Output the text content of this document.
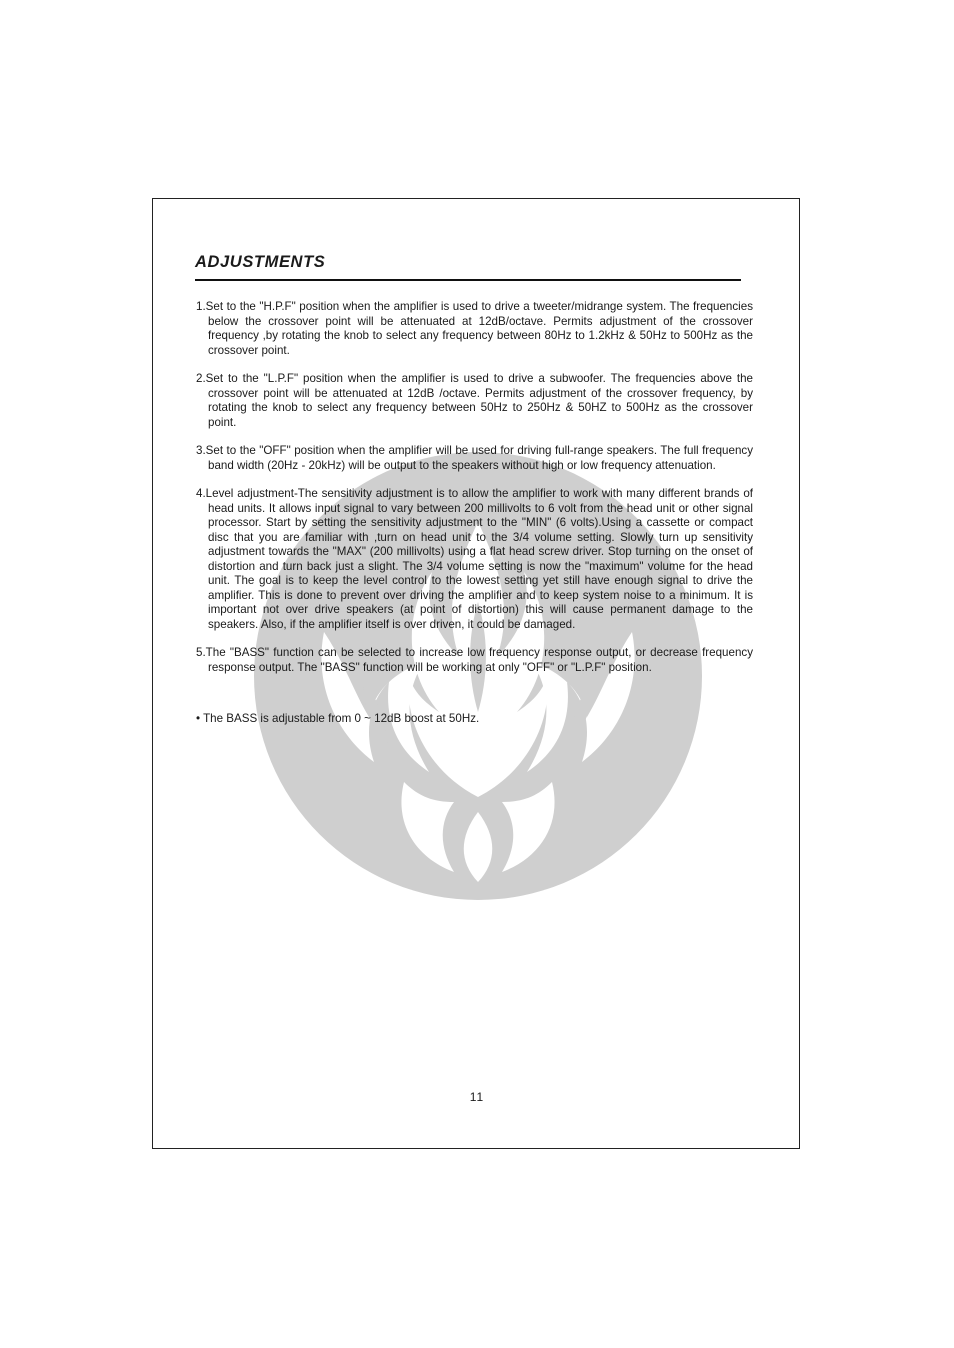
ADJUSTMENTS

1.Set to the "H.P.F" position when the amplifier is used to drive a tweeter/midrange system. The frequencies below the crossover point will be attenuated at 12dB/octave. Permits adjustment of the crossover frequency ,by rotating the knob to select any frequency between 80Hz to 1.2kHz & 50Hz to 500Hz as the crossover point.

2.Set to the "L.P.F" position when the amplifier is used to drive a subwoofer. The frequencies above the crossover point will be attenuated at 12dB /octave. Permits adjustment of the crossover frequency, by rotating the knob to select any frequency between 50Hz to 250Hz & 50HZ to 500Hz as the crossover point.

3.Set to the "OFF" position when the amplifier will be used for driving full-range speakers. The full frequency band width (20Hz - 20kHz) will be output to the speakers without high or low frequency attenuation.

4.Level adjustment-The sensitivity adjustment is to allow the amplifier to work with many different brands of head units. It allows input signal to vary between 200 millivolts to 6 volt from the head unit or other signal processor. Start by setting the sensitivity adjustment to the "MIN" (6 volts).Using a cassette or compact disc that you are familiar with ,turn on head unit to the 3/4 volume setting. Slowly turn up sensitivity adjustment towards the "MAX" (200 millivolts) using a flat head screw driver. Stop turning on the onset of distortion and turn back just a slight. The 3/4 volume setting is now the "maximum" volume for the head unit. The goal is to keep the level control to the lowest setting yet still have enough signal to drive the amplifier. This is done to prevent over driving the amplifier and to keep system noise to a minimum. It is important not over drive speakers (at point of distortion) this will cause permanent damage to the speakers. Also, if the amplifier itself is over driven, it could be damaged.

5.The "BASS" function can be selected to increase low frequency response output, or decrease frequency response output. The "BASS" function will be working at only "OFF" or "L.P.F" position.

• The BASS is adjustable from 0 ~ 12dB boost at 50Hz.

11
